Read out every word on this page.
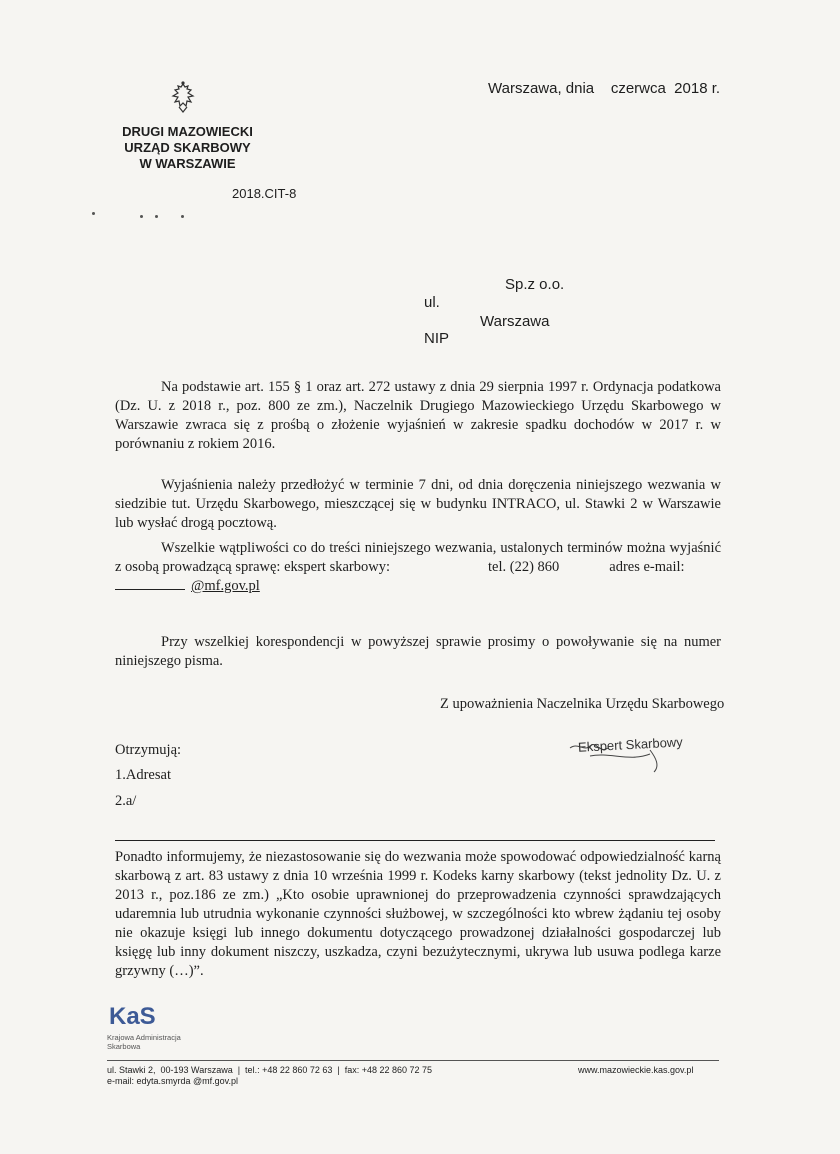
Warszawa, dnia    czerwca  2018 r.
DRUGI MAZOWIECKI
URZĄD SKARBOWY
W WARSZAWIE
2018.CIT-8
Sp.z o.o.
ul.
Warszawa
NIP
Na podstawie art. 155 § 1 oraz art. 272 ustawy z dnia 29 sierpnia 1997 r. Ordynacja podatkowa (Dz. U. z 2018 r., poz. 800 ze zm.), Naczelnik Drugiego Mazowieckiego Urzędu Skarbowego w Warszawie zwraca się z prośbą o złożenie wyjaśnień w zakresie spadku dochodów w 2017 r. w porównaniu z rokiem 2016.
Wyjaśnienia należy przedłożyć w terminie 7 dni, od dnia doręczenia niniejszego wezwania w siedzibie tut. Urzędu Skarbowego, mieszczącej się w budynku INTRACO, ul. Stawki 2 w Warszawie lub wysłać drogą pocztową.
Wszelkie wątpliwości co do treści niniejszego wezwania, ustalonych terminów można wyjaśnić z osobą prowadzącą sprawę: ekspert skarbowy:	tel. (22) 860	adres e-mail:
@mf.gov.pl
Przy wszelkiej korespondencji w powyższej sprawie prosimy o powoływanie się na numer niniejszego pisma.
Z upoważnienia Naczelnika Urzędu Skarbowego
Ekspert Skarbowy
Otrzymują:
1.Adresat
2.a/
Ponadto informujemy, że niezastosowanie się do wezwania może spowodować odpowiedzialność karną skarbową z art. 83 ustawy z dnia 10 września 1999 r. Kodeks karny skarbowy (tekst jednolity Dz. U. z 2013 r., poz.186 ze zm.) „Kto osobie uprawnionej do przeprowadzenia czynności sprawdzających udaremnia lub utrudnia wykonanie czynności służbowej, w szczególności kto wbrew żądaniu tej osoby nie okazuje księgi lub innego dokumentu dotyczącego prowadzonej działalności gospodarczej lub księgę lub inny dokument niszczy, uszkadza, czyni bezużytecznymi, ukrywa lub usuwa podlega karze grzywny (…)”.
KaS
Krajowa Administracja
Skarbowa
ul. Stawki 2,  00-193 Warszawa  |  tel.: +48 22 860 72 63  |  fax: +48 22 860 72 75
e-mail: edyta.smyrda @mf.gov.pl
www.mazowieckie.kas.gov.pl
